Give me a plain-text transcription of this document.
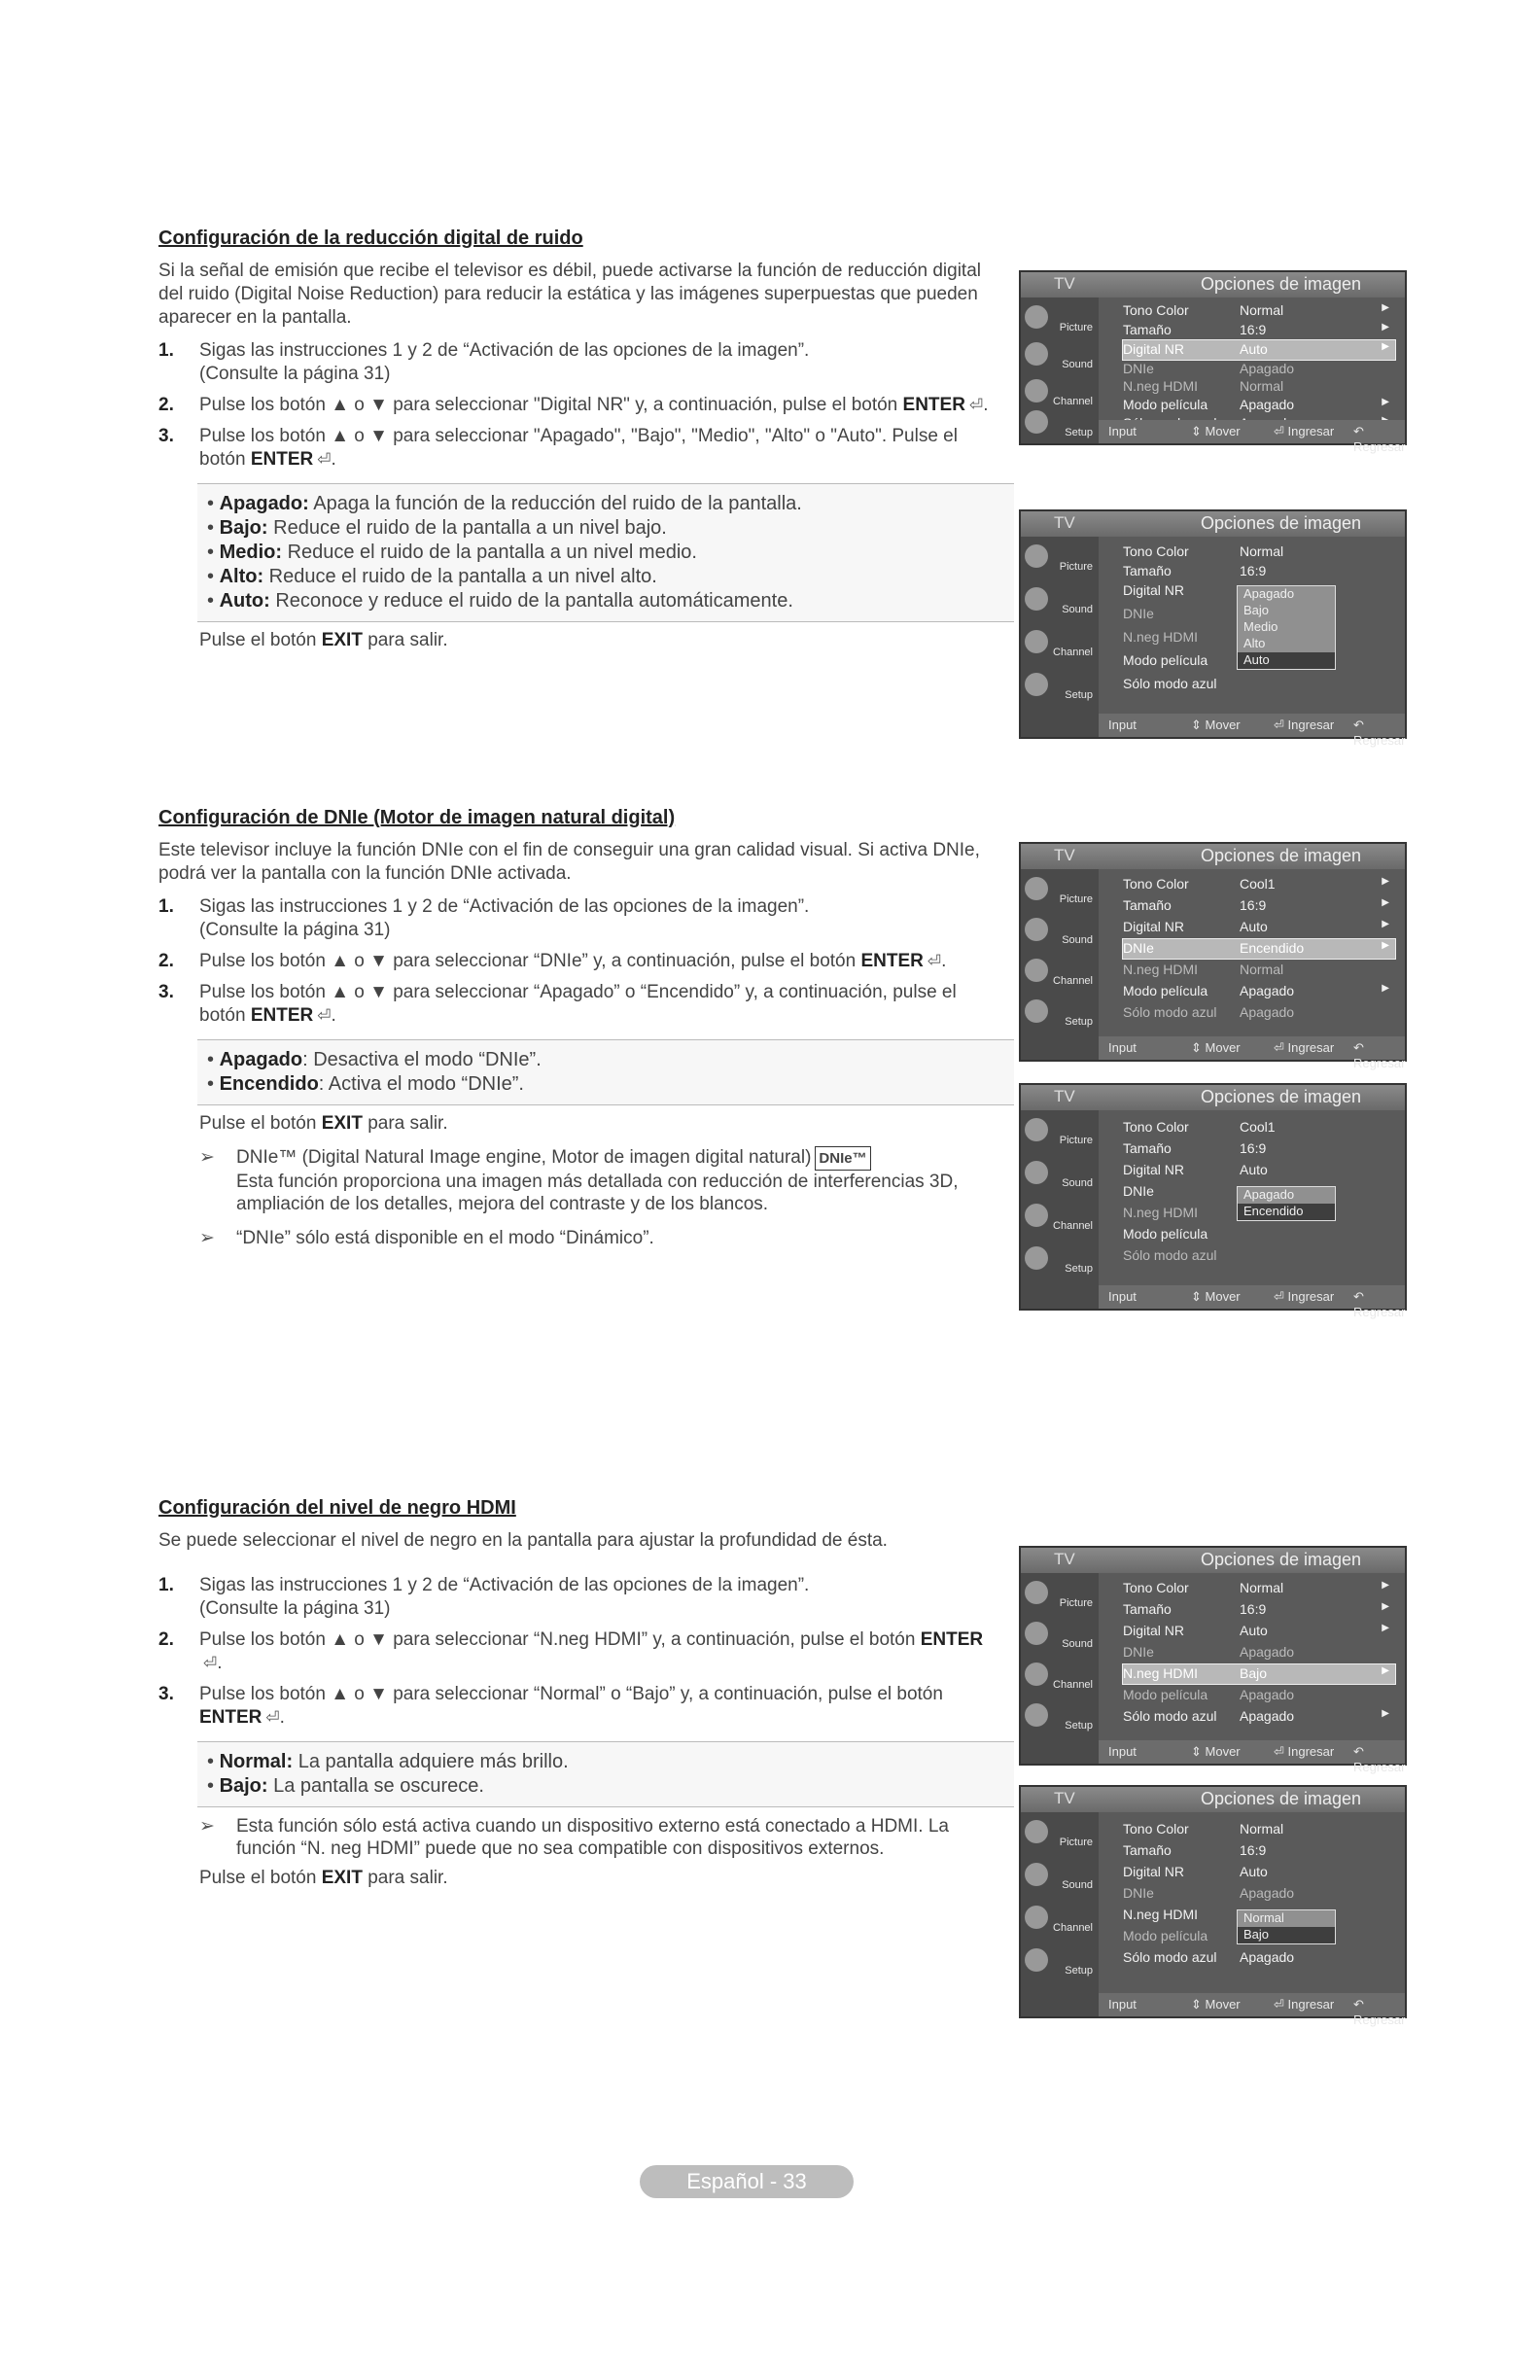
Configuración de la reducción digital de ruido

Si la señal de emisión que recibe el televisor es débil, puede activarse la función de reducción digital del ruido (Digital Noise Reduction) para reducir la estática y las imágenes superpuestas que pueden aparecer en la pantalla.

1. Sigas las instrucciones 1 y 2 de “Activación de las opciones de la imagen”.
(Consulte la página 31)
2. Pulse los botón ▲ o ▼ para seleccionar "Digital NR" y, a continuación, pulse el botón ENTER ⏎.
3. Pulse los botón ▲ o ▼ para seleccionar "Apagado", "Bajo", "Medio", "Alto" o "Auto". Pulse el botón ENTER ⏎.
• Apagado: Apaga la función de la reducción del ruido de la pantalla.
• Bajo: Reduce el ruido de la pantalla a un nivel bajo.
• Medio: Reduce el ruido de la pantalla a un nivel medio.
• Alto: Reduce el ruido de la pantalla a un nivel alto.
• Auto: Reconoce y reduce el ruido de la pantalla automáticamente.
Pulse el botón EXIT para salir.
Configuración de DNIe (Motor de imagen natural digital)

Este televisor incluye la función DNIe con el fin de conseguir una gran calidad visual. Si activa DNIe, podrá ver la pantalla con la función DNIe activada.

1. Sigas las instrucciones 1 y 2 de “Activación de las opciones de la imagen”.
(Consulte la página 31)
2. Pulse los botón ▲ o ▼ para seleccionar “DNIe” y, a continuación, pulse el botón ENTER ⏎.
3. Pulse los botón ▲ o ▼ para seleccionar “Apagado” o “Encendido” y, a continuación, pulse el botón ENTER ⏎.
• Apagado: Desactiva el modo “DNIe”.
• Encendido: Activa el modo “DNIe”.
Pulse el botón EXIT para salir.
➢ DNIe™ (Digital Natural Image engine, Motor de imagen digital natural) DNIe™
Esta función proporciona una imagen más detallada con reducción de interferencias 3D, ampliación de los detalles, mejora del contraste y de los blancos.
➢ “DNIe” sólo está disponible en el modo “Dinámico”.
Configuración del nivel de negro HDMI

Se puede seleccionar el nivel de negro en la pantalla para ajustar la profundidad de ésta.

1. Sigas las instrucciones 1 y 2 de “Activación de las opciones de la imagen”.
(Consulte la página 31)
2. Pulse los botón ▲ o ▼ para seleccionar “N.neg HDMI” y, a continuación, pulse el botón ENTER⏎.
3. Pulse los botón ▲ o ▼ para seleccionar “Normal” o “Bajo” y, a continuación, pulse el botón ENTER ⏎.
• Normal: La pantalla adquiere más brillo.
• Bajo: La pantalla se oscurece.
➢ Esta función sólo está activa cuando un dispositivo externo está conectado a HDMI. La función “N. neg HDMI” puede que no sea compatible con dispositivos externos.
Pulse el botón EXIT para salir.
TV	Opciones de imagen
Picture
Sound
Channel
Setup
Tono Color	Normal	▶
Tamaño	16:9	▶
Digital NR	Auto	▶
DNIe	Apagado
N.neg HDMI	Normal
Modo película Apagado	▶
Input	⇕ Mover	⏎ Ingresar ↶ Regresar
TV	Opciones de imagen
Picture
Sound
Channel
Setup
Tono Color	Normal
Tamaño	16:9
Digital NR
DNIe
N.neg HDMI
Modo película
Sólo modo azul
Apagado
Bajo
Medio
Alto
Auto
Input	⇕ Mover	⏎ Ingresar ↶ Regresar
TV	Opciones de imagen
Picture
Sound
Channel
Setup
Tono Color	Cool1	▶
Tamaño	16:9	▶
Digital NR	Auto	▶
DNIe	Encendido	▶
N.neg HDMI	Normal
Modo película Apagado	▶
Sólo modo azul Apagado
Input	⇕ Mover	⏎ Ingresar ↶ Regresar
TV	Opciones de imagen
Picture
Sound
Channel
Setup
Tono Color	Cool1
Tamaño	16:9
Digital NR	Auto
DNIe
N.neg HDMI
Modo película
Sólo modo azul
Apagado
Encendido
Input	⇕ Mover	⏎ Ingresar ↶ Regresar
TV	Opciones de imagen
Picture
Sound
Channel
Setup
Tono Color	Normal	▶
Tamaño	16:9	▶
Digital NR	Auto	▶
DNIe	Apagado
N.neg HDMI	Bajo	▶
Modo película Apagado
Sólo modo azul Apagado	▶
Input	⇕ Mover	⏎ Ingresar ↶ Regresar
TV	Opciones de imagen
Picture
Sound
Channel
Setup
Tono Color	Normal
Tamaño	16:9
Digital NR	Auto
DNIe	Apagado
N.neg HDMI
Modo película
Sólo modo azul Apagado
Normal
Bajo
Input	⇕ Mover	⏎ Ingresar ↶ Regresar
Español - 33
